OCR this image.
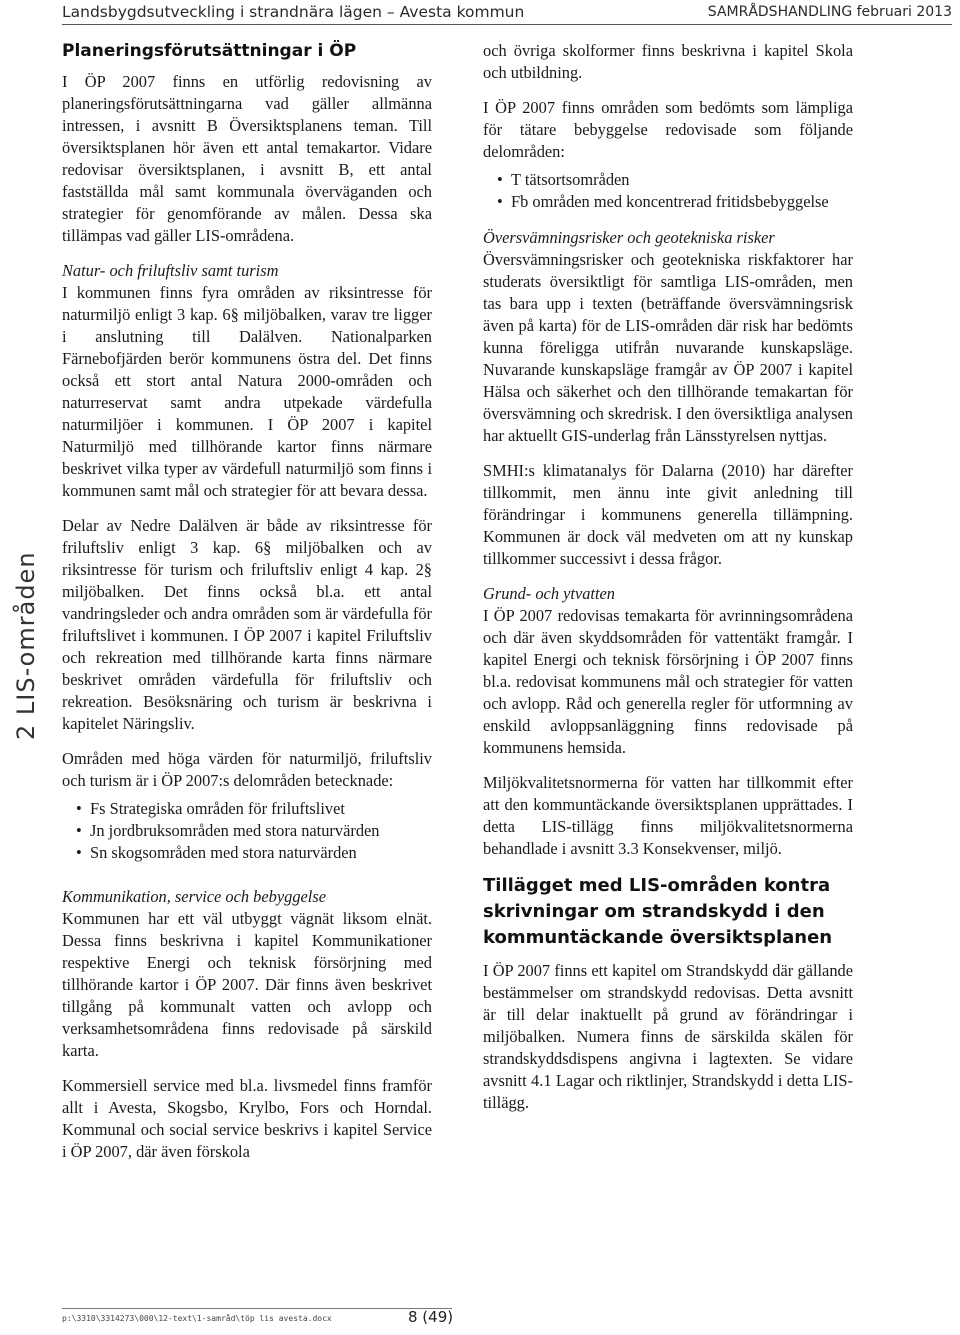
Landsbygdsutveckling i strandnära lägen – Avesta kommun	SAMRÅDSHANDLING februari 2013
2 LIS-områden
Planeringsförutsättningar i ÖP

I ÖP 2007 finns en utförlig redovisning av planeringsförutsättningarna vad gäller allmänna intressen, i avsnitt B Översiktsplanens teman. Till översiktsplanen hör även ett antal temakartor. Vidare redovisar översiktsplanen, i avsnitt B, ett antal fastställda mål samt kommunala överväganden och strategier för genomförande av målen. Dessa ska tillämpas vad gäller LIS-områdena.

Natur- och friluftsliv samt turism

I kommunen finns fyra områden av riksintresse för naturmiljö enligt 3 kap. 6§ miljöbalken, varav tre ligger i anslutning till Dalälven. Nationalparken Färnebofjärden berör kommunens östra del. Det finns också ett stort antal Natura 2000-områden och naturreservat samt andra utpekade värdefulla naturmiljöer i kommunen. I ÖP 2007 i kapitel Naturmiljö med tillhörande kartor finns närmare beskrivet vilka typer av värdefull naturmiljö som finns i kommunen samt mål och strategier för att bevara dessa.

Delar av Nedre Dalälven är både av riksintresse för friluftsliv enligt 3 kap. 6§ miljöbalken och av riksintresse för turism och friluftsliv enligt 4 kap. 2§ miljöbalken. Det finns också bl.a. ett antal vandringsleder och andra områden som är värdefulla för friluftslivet i kommunen. I ÖP 2007 i kapitel Friluftsliv och rekreation med tillhörande karta finns närmare beskrivet områden värdefulla för friluftsliv och rekreation. Besöksnäring och turism är beskrivna i kapitelet Näringsliv.

Områden med höga värden för naturmiljö, friluftsliv och turism är i ÖP 2007:s delområden betecknade:

• Fs Strategiska områden för friluftslivet
• Jn jordbruksområden med stora naturvärden
• Sn skogsområden med stora naturvärden

Kommunikation, service och bebyggelse

Kommunen har ett väl utbyggt vägnät liksom elnät. Dessa finns beskrivna i kapitel Kommunikationer respektive Energi och teknisk försörjning med tillhörande kartor i ÖP 2007. Där finns även beskrivet tillgång på kommunalt vatten och avlopp och verksamhetsområdena finns redovisade på särskild karta.

Kommersiell service med bl.a. livsmedel finns framför allt i Avesta, Skogsbo, Krylbo, Fors och Horndal. Kommunal och social service beskrivs i kapitel Service i ÖP 2007, där även förskola

och övriga skolformer finns beskrivna i kapitel Skola och utbildning.

I ÖP 2007 finns områden som bedömts som lämpliga för tätare bebyggelse redovisade som följande delområden:

• T tätsortsområden
• Fb områden med koncentrerad fritidsbebyggelse

Översvämningsrisker och geotekniska risker

Översvämningsrisker och geotekniska riskfaktorer har studerats översiktligt för samtliga LIS-områden, men tas bara upp i texten (beträffande översvämningsrisk även på karta) för de LIS-områden där risk har bedömts kunna föreligga utifrån nuvarande kunskapsläge. Nuvarande kunskapsläge framgår av ÖP 2007 i kapitel Hälsa och säkerhet och den tillhörande temakartan för översvämning och skredrisk. I den översiktliga analysen har aktuellt GIS-underlag från Länsstyrelsen nyttjas.

SMHI:s klimatanalys för Dalarna (2010) har därefter tillkommit, men ännu inte givit anledning till förändringar i kommunens generella tillämpning. Kommunen är dock väl medveten om att ny kunskap tillkommer successivt i dessa frågor.

Grund- och ytvatten

I ÖP 2007 redovisas temakarta för avrinningsområdena och där även skyddsområden för vattentäkt framgår. I kapitel Energi och teknisk försörjning i ÖP 2007 finns bl.a. redovisat kommunens mål och strategier för vatten och avlopp. Råd och generella regler för utformning av enskild avloppsanläggning finns redovisade på kommunens hemsida.

Miljökvalitetsnormerna för vatten har tillkommit efter att den kommuntäckande översiktsplanen upprättades. I detta LIS-tillägg finns miljökvalitetsnormerna behandlade i avsnitt 3.3 Konsekvenser, miljö.

Tillägget med LIS-områden kontra skrivningar om strandskydd i den kommuntäckande översiktsplanen

I ÖP 2007 finns ett kapitel om Strandskydd där gällande bestämmelser om strandskydd redovisas. Detta avsnitt är till delar inaktuellt på grund av förändringar i miljöbalken. Numera finns de särskilda skälen för strandskyddsdispens angivna i lagtexten. Se vidare avsnitt 4.1 Lagar och riktlinjer, Strandskydd i detta LIS-tillägg.

p:\3310\3314273\000\12-text\1-samråd\töp lis avesta.docx	8 (49)
